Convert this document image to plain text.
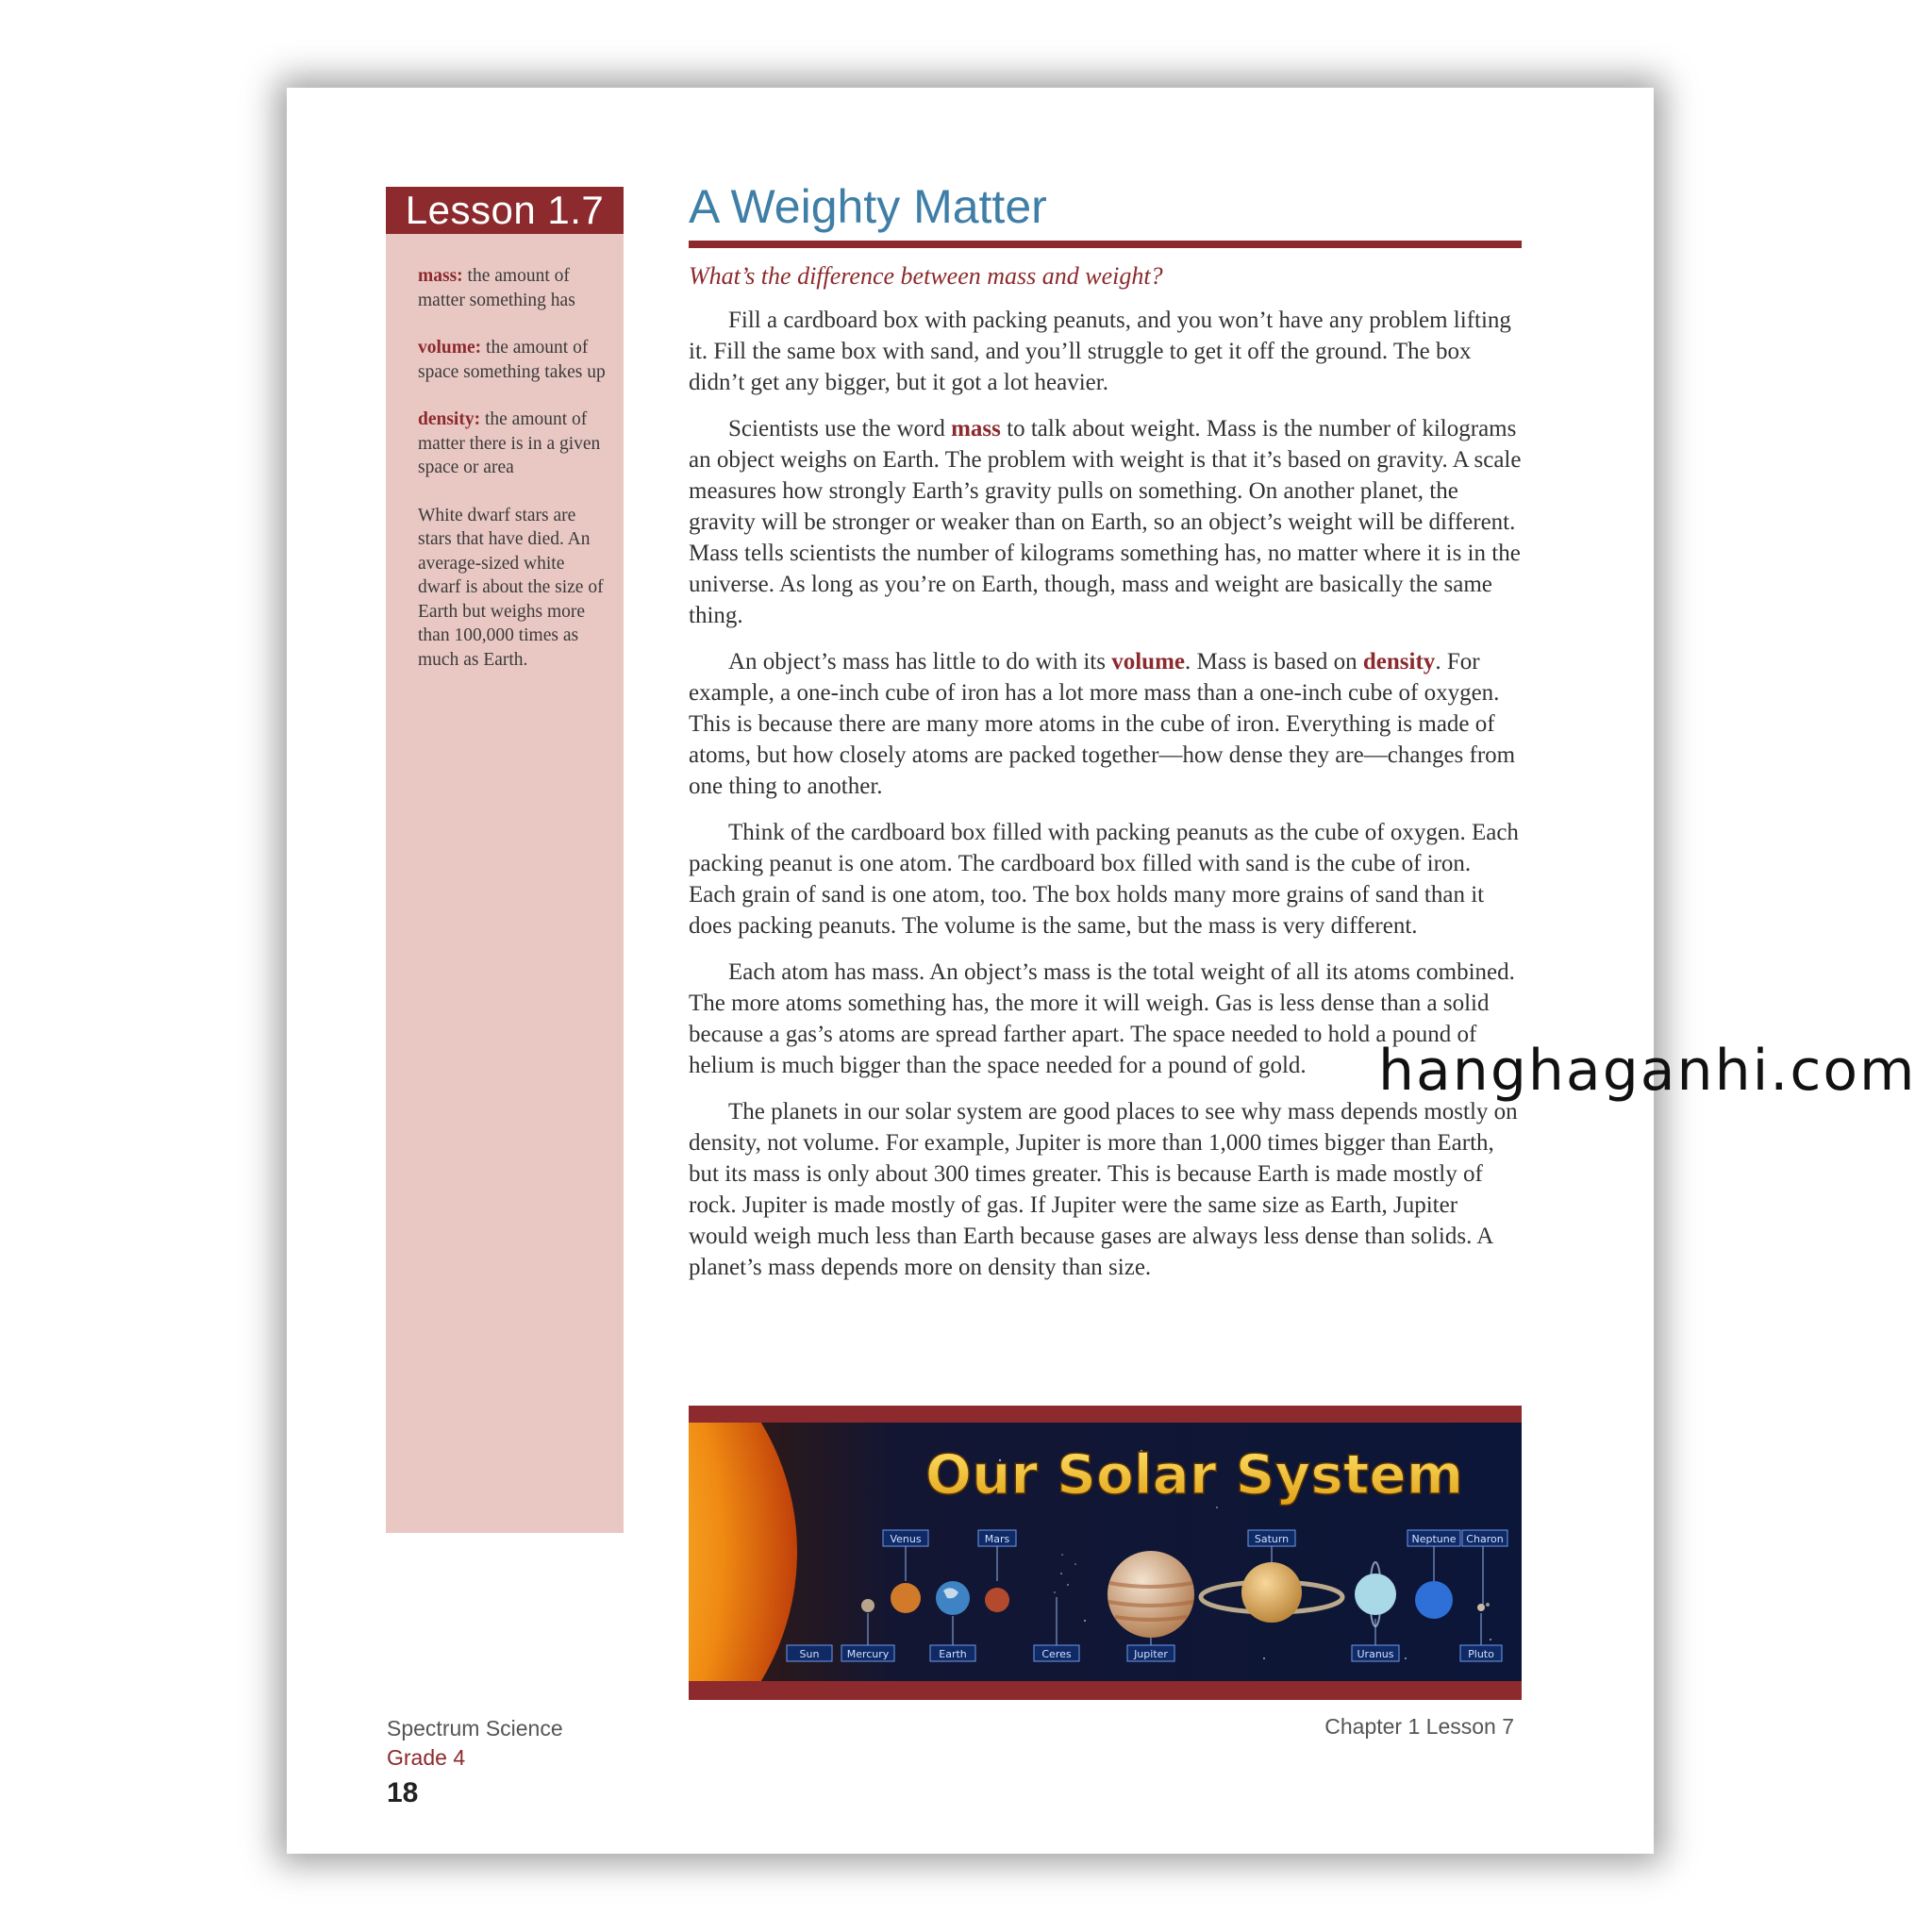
Lesson 1.7	A Weighty Matter

mass: the amount of matter something has

volume: the amount of space something takes up

density: the amount of matter there is in a given space or area

White dwarf stars are stars that have died. An average-sized white dwarf is about the size of Earth but weighs more than 100,000 times as much as Earth.

What’s the difference between mass and weight?

Fill a cardboard box with packing peanuts, and you won’t have any problem lifting it. Fill the same box with sand, and you’ll struggle to get it off the ground. The box didn’t get any bigger, but it got a lot heavier.

Scientists use the word mass to talk about weight. Mass is the number of kilograms an object weighs on Earth. The problem with weight is that it’s based on gravity. A scale measures how strongly Earth’s gravity pulls on something. On another planet, the gravity will be stronger or weaker than on Earth, so an object’s weight will be different. Mass tells scientists the number of kilograms something has, no matter where it is in the universe. As long as you’re on Earth, though, mass and weight are basically the same thing.

An object’s mass has little to do with its volume. Mass is based on density. For example, a one-inch cube of iron has a lot more mass than a one-inch cube of oxygen. This is because there are many more atoms in the cube of iron. Everything is made of atoms, but how closely atoms are packed together—how dense they are—changes from one thing to another.

Think of the cardboard box filled with packing peanuts as the cube of oxygen. Each packing peanut is one atom. The cardboard box filled with sand is the cube of iron. Each grain of sand is one atom, too. The box holds many more grains of sand than it does packing peanuts. The volume is the same, but the mass is very different.

Each atom has mass. An object’s mass is the total weight of all its atoms combined. The more atoms something has, the more it will weigh. Gas is less dense than a solid because a gas’s atoms are spread farther apart. The space needed to hold a pound of helium is much bigger than the space needed for a pound of gold.

The planets in our solar system are good places to see why mass depends mostly on density, not volume. For example, Jupiter is more than 1,000 times bigger than Earth, but its mass is only about 300 times greater. This is because Earth is made mostly of rock. Jupiter is made mostly of gas. If Jupiter were the same size as Earth, Jupiter would weigh much less than Earth because gases are always less dense than solids. A planet’s mass depends more on density than size.

Our Solar System
Venus	Mars	Saturn	Neptune Charon
Sun	Mercury	Earth	Ceres	Jupiter	Uranus	Pluto
Spectrum Science
Grade 4
18
Chapter 1 Lesson 7
hanghaganhi.com
